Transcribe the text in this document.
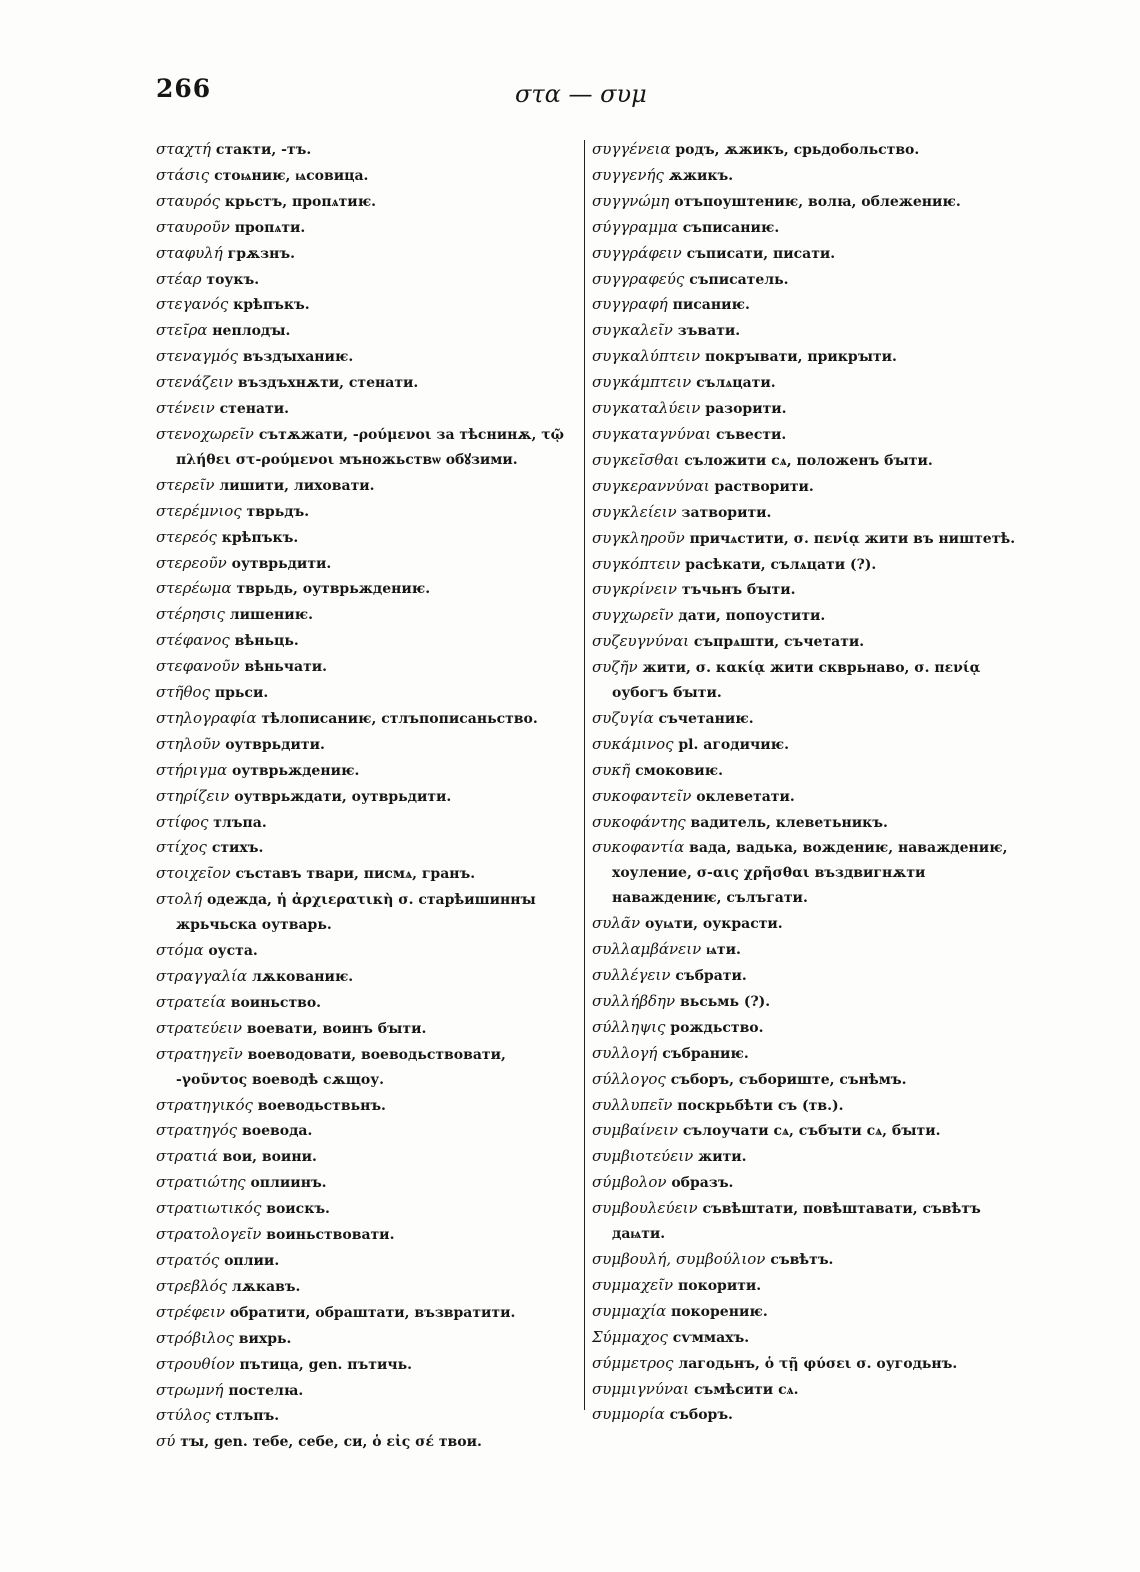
266	στα — συμ
σταχτή стакти, -тъ.
στάσις стоѩниѥ, ѩсовица.
σταυρός крьстъ, пропѧтиѥ.
σταυροῦν пропѧти.
σταφυλή грѫзнъ.
στέαρ тоукъ.
στεγανός крѣпъкъ.
στεῖρα неплодꙑ.
στεναγμός въздꙑханиѥ.
στενάζειν въздъхнѫти, стенати.
στένειν стенати.
στενοχωρεῖν сътѫжати, -ρούμενοι за тѣснинѫ, τῷ πλήθει στ-ρούμενοι мънoжьствѡ обꙋзими.
στερεῖν лишити, лиховати.
στερέμνιος тврьдъ.
στερεός крѣпъкъ.
στερεοῦν оутврьдити.
στερέωμα тврьдь, оутврьждениѥ.
στέρησις лишениѥ.
στέφανος вѣньць.
στεφανοῦν вѣньчати.
στῆθος прьси.
στηλογραφία тѣлописаниѥ, стлъпописаньство.
στηλοῦν оутврьдити.
στήριγμα оутврьждениѥ.
στηρίζειν оутврьждати, оутврьдити.
στίφος тлъпа.
στίχος стихъ.
στοιχεῖον съставъ твари, писмѧ, гранъ.
στολή одежда, ἡ ἀρχιερατικὴ σ. старѣишиннꙑ жрьчьска оутварь.
στόμα оуста.
στραγγαλία лѫкованиѥ.
στρατεία воиньство.
στρατεύειν воевати, воинъ бꙑти.
στρατηγεῖν воеводовати, воеводьствовати, -γοῦντος воеводѣ сѫщоу.
στρατηγικός воеводьствьнъ.
στρατηγός воевода.
στρατιά вои, воини.
στρατιώτης оплиинъ.
στρατιωτικός воискъ.
στρατολογεῖν воиньствовати.
στρατός оплии.
στρεβλός лѫкавъ.
στρέφειν обратити, обраштати, възвратити.
στρόβιλος вихрь.
στρουθίον пътица, gen. пътичь.
στρωμνή постелꙗ.
στύλος стлъпъ.
σύ тꙑ, gen. тебе, себе, си, ὁ εἰς σέ твои.
συγγένεια родъ, ѫжикъ, срьдобольство.
συγγενής ѫжикъ.
συγγνώμη отъпоуштениѥ, волꙗ, облежениѥ.
σύγγραμμα съписаниѥ.
συγγράφειν съписати, писати.
συγγραφεύς съписатель.
συγγραφή писаниѥ.
συγκαλεῖν зъвати.
συγκαλύπτειν покрꙑвати, прикрꙑти.
συγκάμπτειν сълѧцати.
συγκαταλύειν разорити.
συγκαταγνύναι съвести.
συγκεῖσθαι съложити сѧ, положенъ бꙑти.
συγκεραννύναι растворити.
συγκλείειν затворити.
συγκληροῦν причѧстити, σ. πενίᾳ жити въ ништетѣ.
συγκόπτειν расѣкати, сълѧцати (?).
συγκρίνειν тъчьнъ бꙑти.
συγχωρεῖν дати, попоустити.
συζευγνύναι съпрѧшти, съчетати.
συζῆν жити, σ. κακίᾳ жити скврьнаво, σ. πενίᾳ оубогъ бꙑти.
συζυγία съчетаниѥ.
συκάμινος pl. агодичиѥ.
συκῆ смоковиѥ.
συκοφαντεῖν оклеветати.
συκοφάντης вадитель, клеветьникъ.
συκοφαντία вада, вадька, вождениѥ, наваждениѥ, хоуление, σ-αις χρῆσθαι въздвигнѫти наваждениѥ, сълъгати.
συλᾶν оуѩти, оукрасти.
συλλαμβάνειν ѩти.
συλλέγειν събрати.
συλλήβδην вьсьмь (?).
σύλληψις рождьство.
συλλογή събраниѥ.
σύλλογος съборъ, събориште, сънѣмъ.
συλλυπεῖν поскрьбѣти съ (тв.).
συμβαίνειν сълоучати сѧ, събꙑти сѧ, бꙑти.
συμβιοτεύειν жити.
σύμβολον образъ.
συμβουλεύειν съвѣштати, повѣштавати, съвѣтъ даѩти.
συμβουλή, συμβούλιον съвѣтъ.
συμμαχεῖν покорити.
συμμαχία покорениѥ.
Σύμμαχος сѵммахъ.
σύμμετρος лагодьнъ, ὁ τῇ φύσει σ. оугодьнъ.
συμμιγνύναι съмѣсити сѧ.
συμμορία съборъ.
